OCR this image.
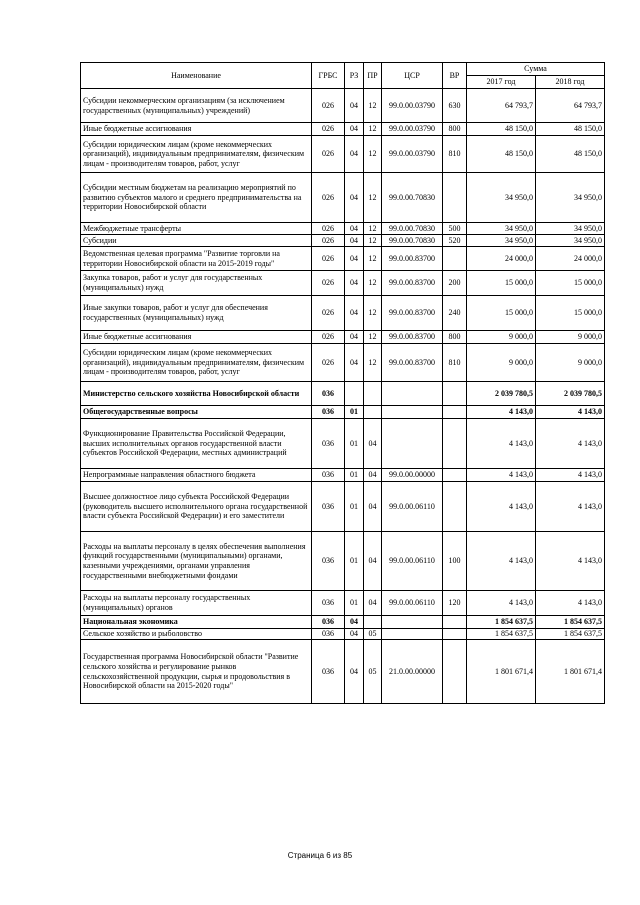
Наименование	ГРБС	РЗ	ПР	ЦСР	ВР	Сумма	
						2017 год	2018 год
Субсидии некоммерческим организациям (за исключением государственных (муниципальных) учреждений)	026	04	12	99.0.00.03790	630	64 793,7	64 793,7
Иные бюджетные ассигнования	026	04	12	99.0.00.03790	800	48 150,0	48 150,0
Субсидии юридическим лицам (кроме некоммерческих организаций), индивидуальным предпринимателям, физическим лицам - производителям товаров, работ, услуг	026	04	12	99.0.00.03790	810	48 150,0	48 150,0
Субсидии местным бюджетам на реализацию мероприятий по развитию субъектов малого и среднего предпринимательства на территории Новосибирской области	026	04	12	99.0.00.70830		34 950,0	34 950,0
Межбюджетные трансферты	026	04	12	99.0.00.70830	500	34 950,0	34 950,0
Субсидии	026	04	12	99.0.00.70830	520	34 950,0	34 950,0
Ведомственная целевая программа "Развитие торговли на территории Новосибирской области на 2015-2019 годы"	026	04	12	99.0.00.83700		24 000,0	24 000,0
Закупка товаров, работ и услуг для государственных (муниципальных) нужд	026	04	12	99.0.00.83700	200	15 000,0	15 000,0
Иные закупки товаров, работ и услуг для обеспечения государственных (муниципальных) нужд	026	04	12	99.0.00.83700	240	15 000,0	15 000,0
Иные бюджетные ассигнования	026	04	12	99.0.00.83700	800	9 000,0	9 000,0
Субсидии юридическим лицам (кроме некоммерческих организаций), индивидуальным предпринимателям, физическим лицам - производителям товаров, работ, услуг	026	04	12	99.0.00.83700	810	9 000,0	9 000,0
Министерство сельского хозяйства Новосибирской области	036					2 039 780,5	2 039 780,5
Общегосударственные вопросы	036	01				4 143,0	4 143,0
Функционирование Правительства Российской Федерации, высших исполнительных органов государственной власти субъектов Российской Федерации, местных администраций	036	01	04			4 143,0	4 143,0
Непрограммные направления областного бюджета	036	01	04	99.0.00.00000		4 143,0	4 143,0
Высшее должностное лицо субъекта Российской Федерации (руководитель высшего исполнительного органа государственной власти субъекта Российской Федерации) и его заместители	036	01	04	99.0.00.06110		4 143,0	4 143,0
Расходы на выплаты персоналу в целях обеспечения выполнения функций государственными (муниципальными) органами, казенными учреждениями, органами управления государственными внебюджетными фондами	036	01	04	99.0.00.06110	100	4 143,0	4 143,0
Расходы на выплаты персоналу государственных (муниципальных) органов	036	01	04	99.0.00.06110	120	4 143,0	4 143,0
Национальная экономика	036	04				1 854 637,5	1 854 637,5
Сельское хозяйство и рыболовство	036	04	05			1 854 637,5	1 854 637,5
Государственная программа Новосибирской области "Развитие сельского хозяйства и регулирование рынков сельскохозяйственной продукции, сырья и продовольствия в Новосибирской области на 2015-2020 годы"	036	04	05	21.0.00.00000		1 801 671,4	1 801 671,4
Страница 6 из 85
